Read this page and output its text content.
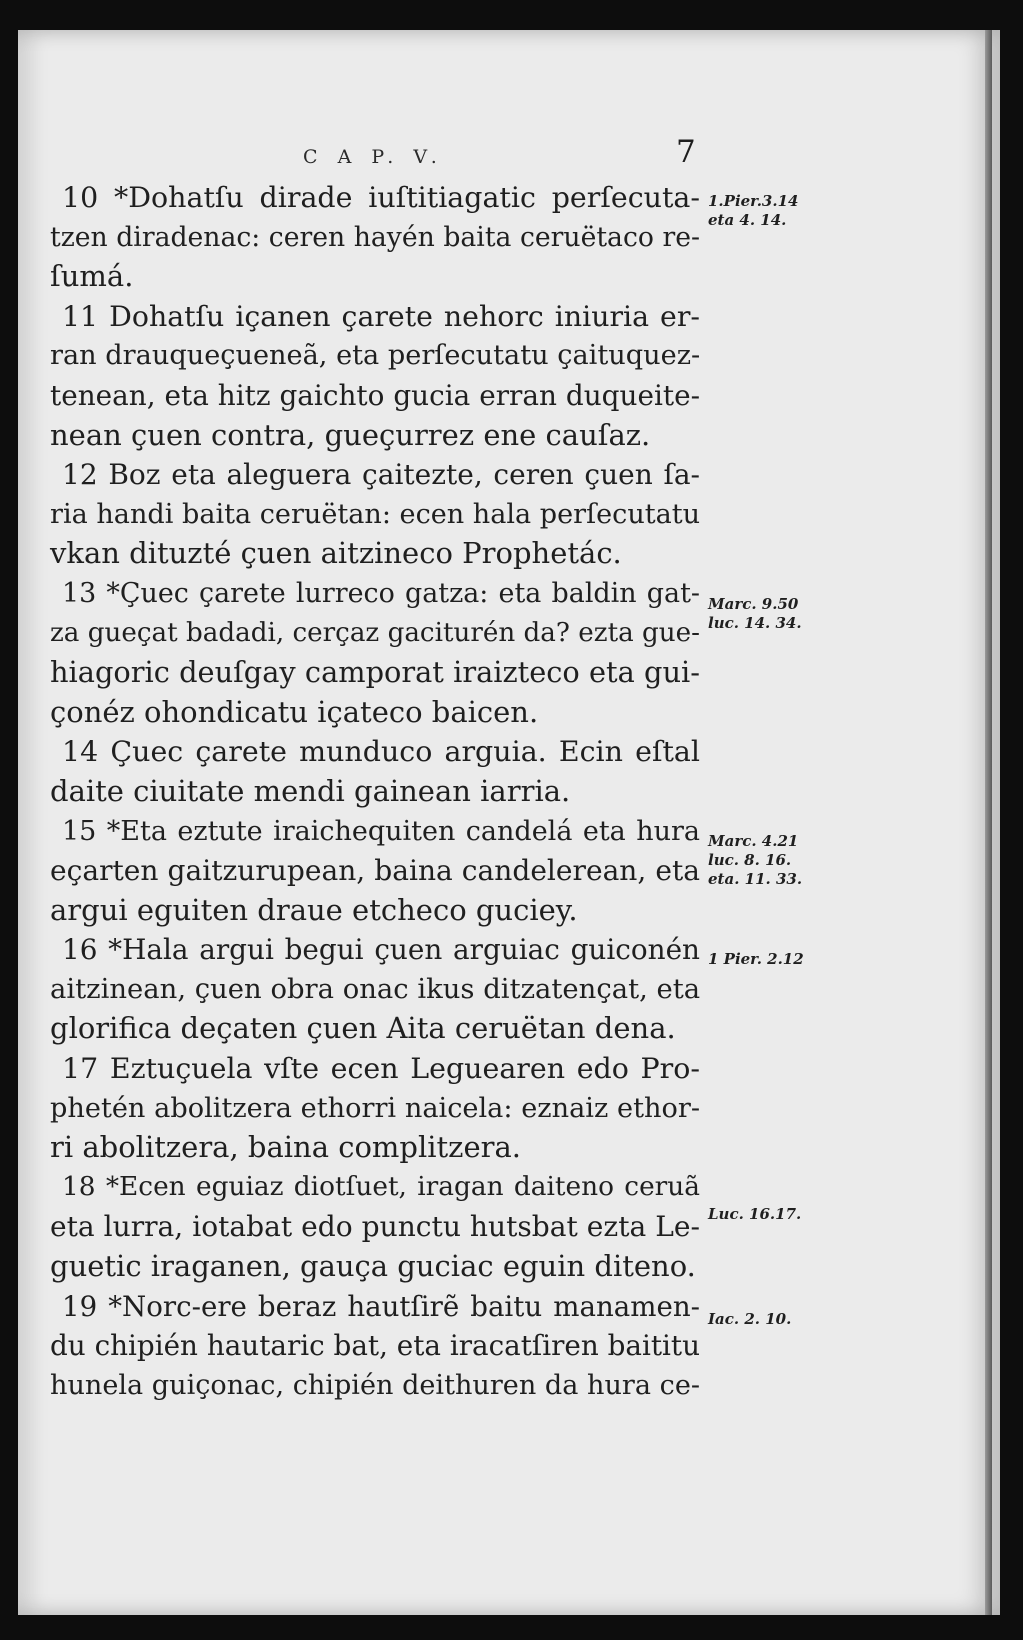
C A P. V.	7
10 *Dohatſu dirade iuſtitiagatic perſecuta-
tzen diradenac: ceren hayén baita ceruëtaco re-
ſumá.
11 Dohatſu içanen çarete nehorc iniuria er-
ran drauqueçueneã, eta perſecutatu çaituquez-
tenean, eta hitz gaichto gucia erran duqueite-
nean çuen contra, gueçurrez ene cauſaz.
12 Boz eta aleguera çaitezte, ceren çuen ſa-
ria handi baita ceruëtan: ecen hala perſecutatu
vkan dituzté çuen aitzineco Prophetác.
13 *Çuec çarete lurreco gatza: eta baldin gat-
za gueçat badadi, cerçaz gaciturén da? ezta gue-
hiagoric deuſgay camporat iraizteco eta gui-
çonéz ohondicatu içateco baicen.
14 Çuec çarete munduco arguia. Ecin eſtal
daite ciuitate mendi gainean iarria.
15 *Eta eztute iraichequiten candelá eta hura
eçarten gaitzurupean, baina candelerean, eta
argui eguiten draue etcheco guciey.
16 *Hala argui begui çuen arguiac guiconén
aitzinean, çuen obra onac ikus ditzatençat, eta
glorifica deçaten çuen Aita ceruëtan dena.
17 Eztuçuela vſte ecen Leguearen edo Pro-
phetén abolitzera ethorri naicela: eznaiz ethor-
ri abolitzera, baina complitzera.
18 *Ecen eguiaz diotſuet, iragan daiteno ceruã
eta lurra, iotabat edo punctu hutsbat ezta Le-
guetic iraganen, gauça guciac eguin diteno.
19 *Norc-ere beraz hautſirẽ baitu manamen-
du chipién hautaric bat, eta iracatſiren baititu
hunela guiçonac, chipién deithuren da hura ce-
1.Pier.3.14
eta 4. 14.
Marc. 9.50
luc. 14. 34.
Marc. 4.21
luc. 8. 16.
eta. 11. 33.
1 Pier. 2.12
Luc. 16.17.
Iac. 2. 10.
